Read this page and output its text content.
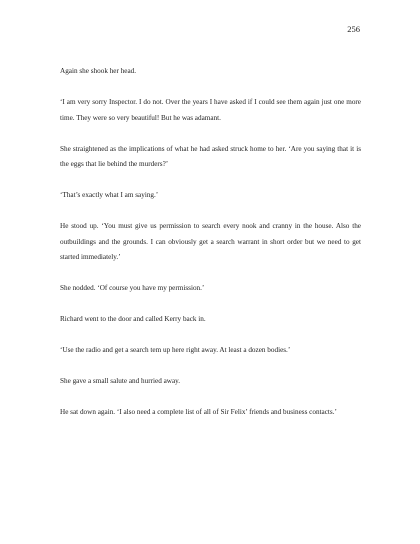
256

Again she shook her head.

‘I am very sorry Inspector. I do not. Over the years I have asked if I could see them again just one more time. They were so very beautiful! But he was adamant.

She straightened as the implications of what he had asked struck home to her. ‘Are you saying that it is the eggs that lie behind the murders?’

‘That’s exactly what I am saying.’

He stood up. ‘You must give us permission to search every nook and cranny in the house. Also the outbuildings and the grounds. I can obviously get a search warrant in short order but we need to get started immediately.’

She nodded. ‘Of course you have my permission.’

Richard went to the door and called Kerry back in.

‘Use the radio and get a search tem up here right away. At least a dozen bodies.’

She gave a small salute and hurried away.

He sat down again. ‘I also need a complete list of all of Sir Felix’ friends and business contacts.’
